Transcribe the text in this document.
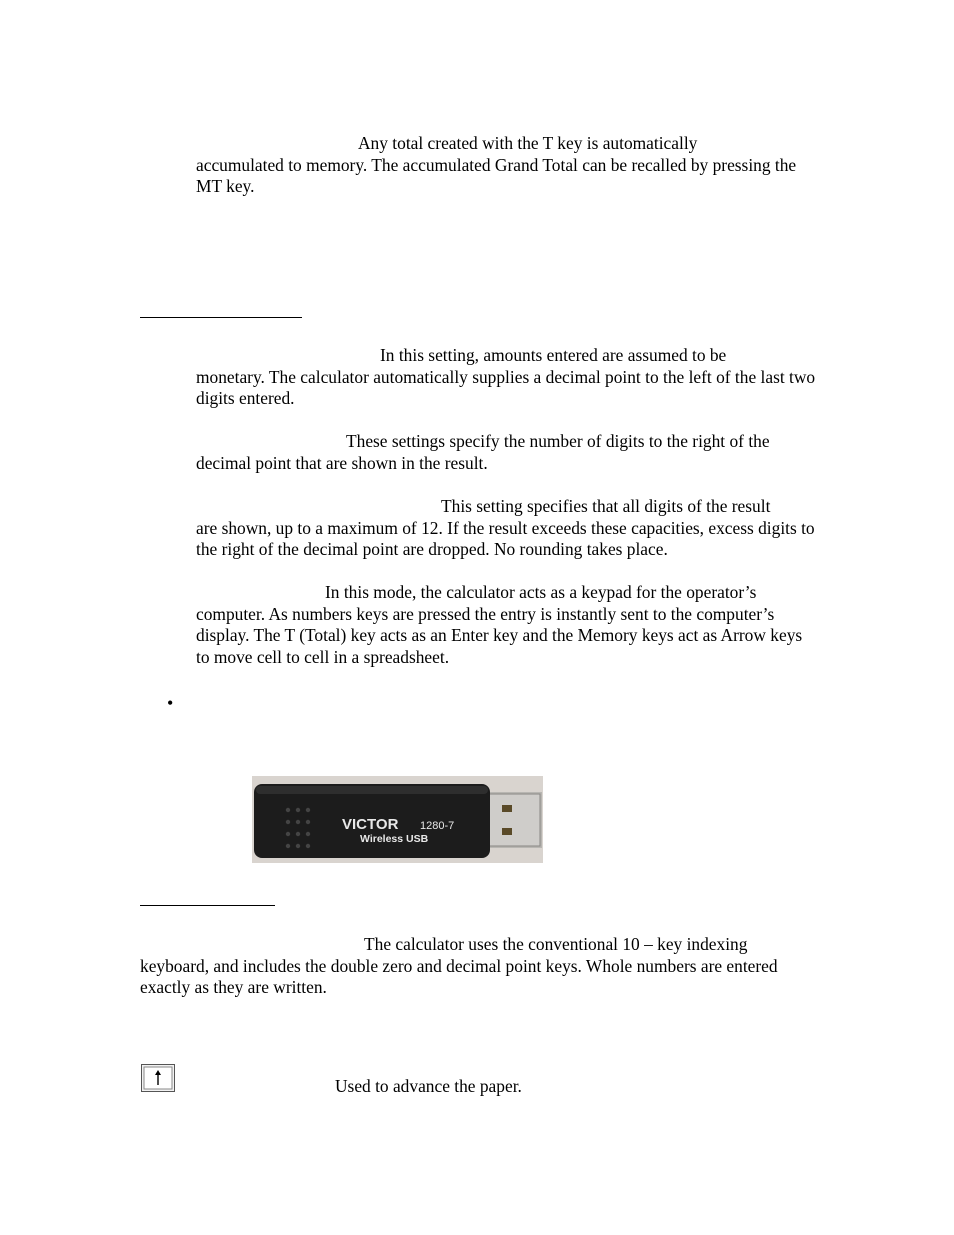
Any total created with the T key is automatically
accumulated to memory. The accumulated Grand Total can be recalled by pressing the MT key.
In this setting, amounts entered are assumed to be
monetary. The calculator automatically supplies a decimal point to the left of the last two digits entered.
These settings specify the number of digits to the right of the
decimal point that are shown in the result.
This setting specifies that all digits of the result
are shown, up to a maximum of 12. If the result exceeds these capacities, excess digits to the right of the decimal point are dropped. No rounding takes place.
In this mode, the calculator acts as a keypad for the operator’s
computer. As numbers keys are pressed the entry is instantly sent to the computer’s display. The T (Total) key acts as an Enter key and the Memory keys act as Arrow keys to move cell to cell in a spreadsheet.
•
VICTOR 1280-7
Wireless USB
The calculator uses the conventional 10 – key indexing
keyboard, and includes the double zero and decimal point keys. Whole numbers are entered exactly as they are written.
Used to advance the paper.
